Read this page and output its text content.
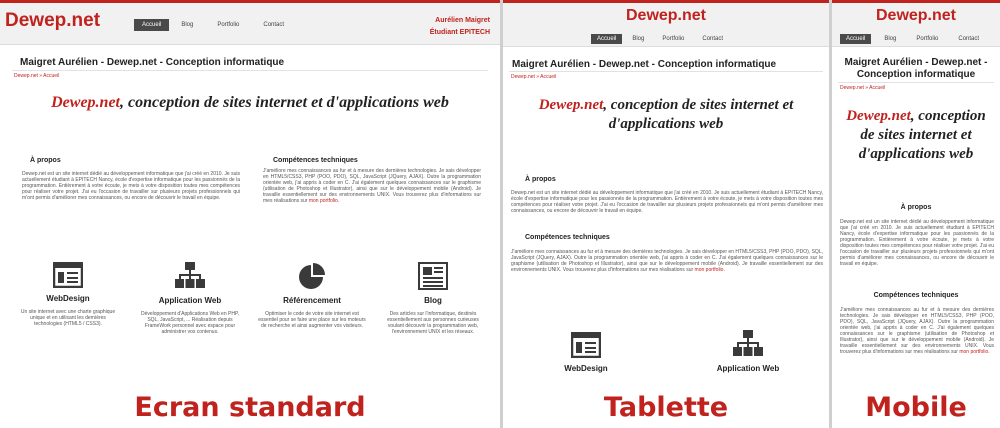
Dewep.net	Accueil	Blog	Portfolio	Contact
Aurélien Maigret
Étudiant EPITECH
Maigret Aurélien - Dewep.net - Conception informatique
Dewep.net » Accueil
Dewep.net, conception de sites internet et d'applications web
À propos
Dewep.net est un site internet dédié au développement informatique que j'ai créé en 2010. Je suis actuellement étudiant à EPITECH Nancy, école d'expertise informatique pour les passionnés de la programmation. Entièrement à votre écoute, je mets à votre disposition toutes mes compétences pour réaliser votre projet. J'ai eu l'occasion de travailler sur plusieurs projets professionnels qui m'ont permis d'améliorer mes connaissances, ou encore de découvrir le travail en équipe.
Compétences techniques
J'améliore mes connaissances au fur et à mesure des dernières technologies. Je sais développer en HTML5/CSS3, PHP (POO, PDO), SQL, JavaScript (JQuery, AJAX). Outre la programmation orientée web, j'ai appris à coder en C. J'ai également quelques connaissances sur le graphisme (utilisation de Photoshop et Illustrator), ainsi que sur le développement mobile (Android). Je travaille essentiellement sur des environnements UNIX. Vous trouverez plus d'informations sur mes réalisations sur mon portfolio.
WebDesign
Un site internet avec une charte graphique unique et en utilisant les dernières technologies (HTML5 / CSS3).
Application Web
Développement d'Applications Web en PHP, SQL, JavaScript, ... Réalisation depuis FrameWork personnel avec espace pour administrer vos contenus.
Référencement
Optimiser le code de votre site internet est essentiel pour se faire une place sur les moteurs de recherche et ainsi augmenter vos visiteurs.
Blog
Des articles sur l'informatique, destinés essentiellement aux personnes curieuses voulant découvrir la programmation web, l'environnement UNIX et les réseaux.
Ecran standard
Dewep.net
Accueil	Blog	Portfolio	Contact
Maigret Aurélien - Dewep.net - Conception informatique
Dewep.net » Accueil
Dewep.net, conception de sites internet et
d'applications web
À propos
Dewep.net est un site internet dédié au développement informatique que j'ai créé en 2010. Je suis actuellement étudiant à EPITECH Nancy, école d'expertise informatique pour les passionnés de la programmation. Entièrement à votre écoute, je mets à votre disposition toutes mes compétences pour réaliser votre projet. J'ai eu l'occasion de travailler sur plusieurs projets professionnels qui m'ont permis d'améliorer mes connaissances, ou encore de découvrir le travail en équipe.
Compétences techniques
J'améliore mes connaissances au fur et à mesure des dernières technologies. Je sais développer en HTML5/CSS3, PHP (POO, PDO), SQL, JavaScript (JQuery, AJAX). Outre la programmation orientée web, j'ai appris à coder en C. J'ai également quelques connaissances sur le graphisme (utilisation de Photoshop et Illustrator), ainsi que sur le développement mobile (Android). Je travaille essentiellement sur des environnements UNIX. Vous trouverez plus d'informations sur mes réalisations sur mon portfolio.
WebDesign	Application Web
Tablette
Dewep.net
Accueil	Blog	Portfolio	Contact
Maigret Aurélien - Dewep.net -
Conception informatique
Dewep.net » Accueil
Dewep.net, conception
de sites internet et
d'applications web
À propos
Dewep.net est un site internet dédié au développement informatique que j'ai créé en 2010. Je suis actuellement étudiant à EPITECH Nancy, école d'expertise informatique pour les passionnés de la programmation. Entièrement à votre écoute, je mets à votre disposition toutes mes compétences pour réaliser votre projet. J'ai eu l'occasion de travailler sur plusieurs projets professionnels qui m'ont permis d'améliorer mes connaissances, ou encore de découvrir le travail en équipe.
Compétences techniques
J'améliore mes connaissances au fur et à mesure des dernières technologies. Je sais développer en HTML5/CSS3, PHP (POO, PDO), SQL, JavaScript (JQuery, AJAX). Outre la programmation orientée web, j'ai appris à coder en C. J'ai également quelques connaissances sur le graphisme (utilisation de Photoshop et Illustrator), ainsi que sur le développement mobile (Android). Je travaille essentiellement sur des environnements UNIX. Vous trouverez plus d'informations sur mes réalisations sur mon portfolio.
Mobile
